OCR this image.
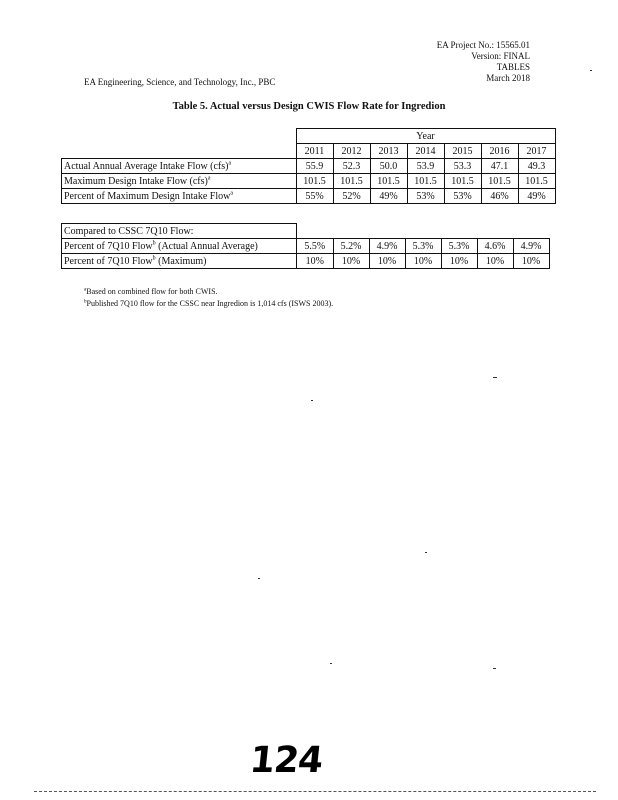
EA Project No.: 15565.01
Version: FINAL
TABLES
March 2018
EA Engineering, Science, and Technology, Inc., PBC
Table 5. Actual versus Design CWIS Flow Rate for Ingredion
	Year						
	2011	2012	2013	2014	2015	2016	2017
Actual Annual Average Intake Flow (cfs)$^a$	55.9	52.3	50.0	53.9	53.3	47.1	49.3
Maximum Design Intake Flow (cfs)$^a$	101.5	101.5	101.5	101.5	101.5	101.5	101.5
Percent of Maximum Design Intake Flow$^a$	55%	52%	49%	53%	53%	46%	49%
Compared to CSSC 7Q10 Flow:							
Percent of 7Q10 Flow$^b$ (Actual Annual Average)	5.5%	5.2%	4.9%	5.3%	5.3%	4.6%	4.9%
Percent of 7Q10 Flow$^b$ (Maximum)	10%	10%	10%	10%	10%	10%	10%
$^a$Based on combined flow for both CWIS.
$^b$Published 7Q10 flow for the CSSC near Ingredion is 1,014 cfs (ISWS 2003).
124
